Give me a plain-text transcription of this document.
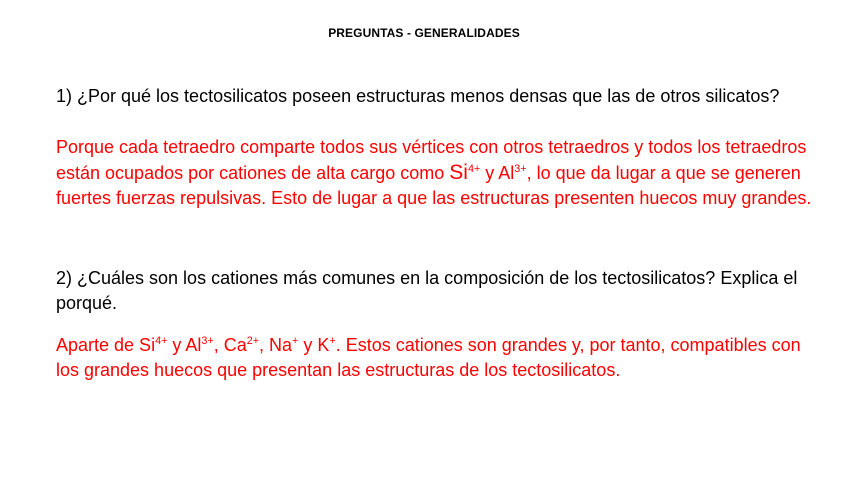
PREGUNTAS - GENERALIDADES
1) ¿Por qué los tectosilicatos poseen estructuras menos densas que las de otros silicatos?
Porque cada tetraedro comparte todos sus vértices con otros tetraedros y todos los tetraedros están ocupados por cationes de alta cargo como $Si^{4+}$ y $Al^{3+}$, lo que da lugar a que se generen fuertes fuerzas repulsivas. Esto de lugar a que las estructuras presenten huecos muy grandes.
2) ¿Cuáles son los cationes más comunes en la composición de los tectosilicatos? Explica el porqué.
Aparte de $Si^{4+}$ y $Al^{3+}$, $Ca^{2+}$, Na+ y K+. Estos cationes son grandes y, por tanto, compatibles con los grandes huecos que presentan las estructuras de los tectosilicatos.
